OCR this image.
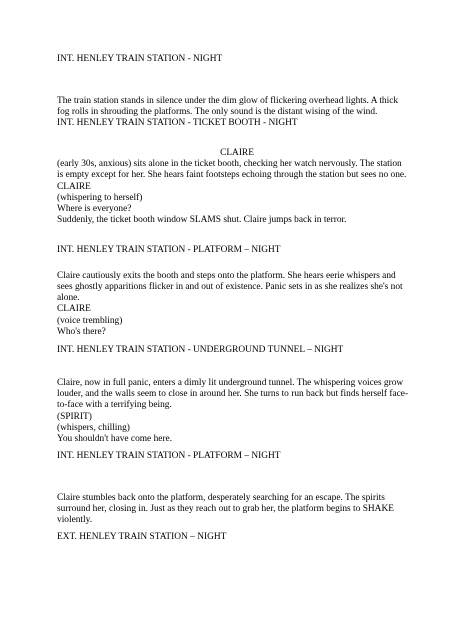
INT. HENLEY TRAIN STATION - NIGHT
The train station stands in silence under the dim glow of flickering overhead lights. A thick
fog rolls in shrouding the platforms. The only sound is the distant wising of the wind.
INT. HENLEY TRAIN STATION - TICKET BOOTH - NIGHT
CLAIRE
(early 30s, anxious) sits alone in the ticket booth, checking her watch nervously. The station
is empty except for her. She hears faint footsteps echoing through the station but sees no one.
CLAIRE
(whispering to herself)
Where is everyone?
Suddenly, the ticket booth window SLAMS shut. Claire jumps back in terror.
INT. HENLEY TRAIN STATION - PLATFORM – NIGHT
Claire cautiously exits the booth and steps onto the platform. She hears eerie whispers and
sees ghostly apparitions flicker in and out of existence. Panic sets in as she realizes she's not
alone.
CLAIRE
(voice trembling)
Who's there?
INT. HENLEY TRAIN STATION - UNDERGROUND TUNNEL – NIGHT
Claire, now in full panic, enters a dimly lit underground tunnel. The whispering voices grow
louder, and the walls seem to close in around her. She turns to run back but finds herself face-
to-face with a terrifying being.
(SPIRIT)
(whispers, chilling)
You shouldn't have come here.
INT. HENLEY TRAIN STATION - PLATFORM – NIGHT
Claire stumbles back onto the platform, desperately searching for an escape. The spirits
surround her, closing in. Just as they reach out to grab her, the platform begins to SHAKE
violently.
EXT. HENLEY TRAIN STATION – NIGHT
